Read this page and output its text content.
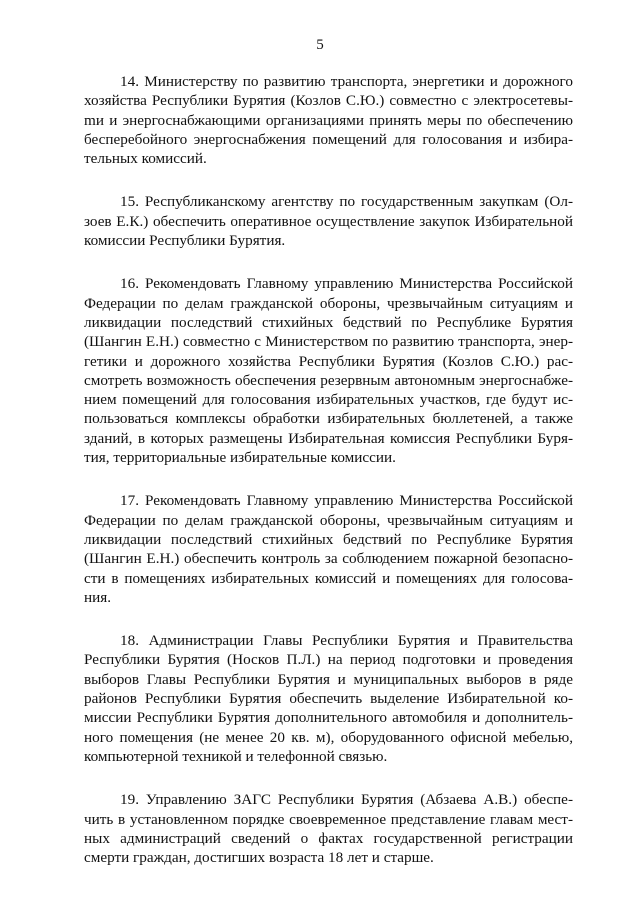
5

14. Министерству по развитию транспорта, энергетики и дорожного хозяйства Республики Бурятия (Козлов С.Ю.) совместно с электросетевыmи и энергоснабжающими организациями принять меры по обеспечению бесперебойного энергоснабжения помещений для голосования и избирательных комиссий.

15. Республиканскому агентству по государственным закупкам (Олзоев Е.К.) обеспечить оперативное осуществление закупок Избирательной комиссии Республики Бурятия.

16. Рекомендовать Главному управлению Министерства Российской Федерации по делам гражданской обороны, чрезвычайным ситуациям и ликвидации последствий стихийных бедствий по Республике Бурятия (Шангин Е.Н.) совместно с Министерством по развитию транспорта, энергетики и дорожного хозяйства Республики Бурятия (Козлов С.Ю.) рассмотреть возможность обеспечения резервным автономным энергоснабжением помещений для голосования избирательных участков, где будут использоваться комплексы обработки избирательных бюллетеней, а также зданий, в которых размещены Избирательная комиссия Республики Бурятия, территориальные избирательные комиссии.

17. Рекомендовать Главному управлению Министерства Российской Федерации по делам гражданской обороны, чрезвычайным ситуациям и ликвидации последствий стихийных бедствий по Республике Бурятия (Шангин Е.Н.) обеспечить контроль за соблюдением пожарной безопасности в помещениях избирательных комиссий и помещениях для голосования.

18. Администрации Главы Республики Бурятия и Правительства Республики Бурятия (Носков П.Л.) на период подготовки и проведения выборов Главы Республики Бурятия и муниципальных выборов в ряде районов Республики Бурятия обеспечить выделение Избирательной комиссии Республики Бурятия дополнительного автомобиля и дополнительного помещения (не менее 20 кв. м), оборудованного офисной мебелью, компьютерной техникой и телефонной связью.

19. Управлению ЗАГС Республики Бурятия (Абзаева А.В.) обеспечить в установленном порядке своевременное представление главам местных администраций сведений о фактах государственной регистрации смерти граждан, достигших возраста 18 лет и старше.
